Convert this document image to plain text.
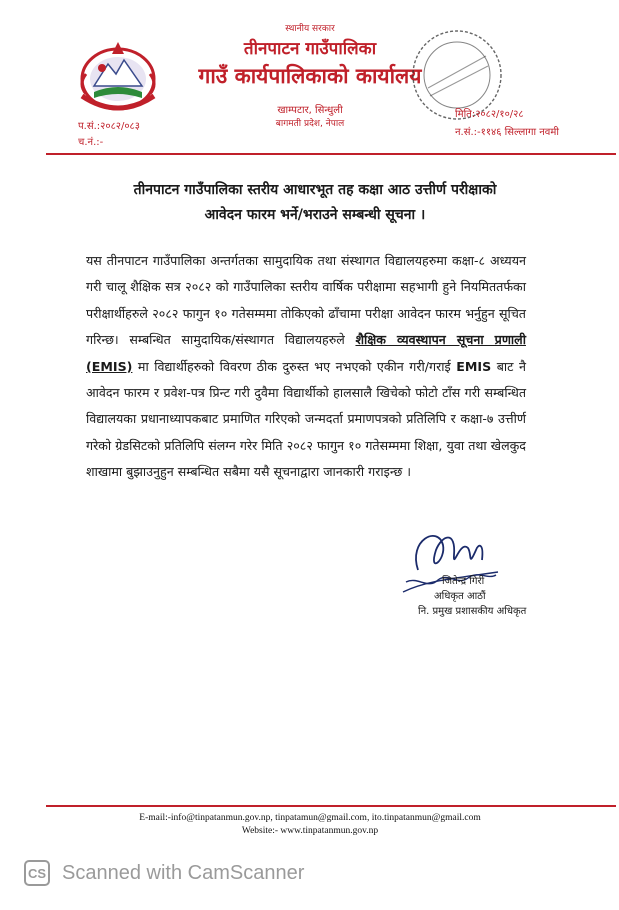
स्थानीय सरकार
तीनपाटन गाउँपालिका
गाउँ कार्यपालिकाको कार्यालय
खाम्पटार, सिन्धुली
बागमती प्रदेश, नेपाल
प.सं.:२०८२/०८३
च.नं.:-
मिति:२०८२/१०/२८
न.सं.:-११४६ सिल्लागा नवमी
तीनपाटन गाउँपालिका स्तरीय आधारभूत तह कक्षा आठ उत्तीर्ण परीक्षाको
आवेदन फारम भर्ने/भराउने सम्बन्धी सूचना ।
यस तीनपाटन गाउँपालिका अन्तर्गतका सामुदायिक तथा संस्थागत विद्यालयहरुमा कक्षा-८ अध्ययन गरी चालू शैक्षिक सत्र २०८२ को गाउँपालिका स्तरीय वार्षिक परीक्षामा सहभागी हुने नियमिततर्फका परीक्षार्थीहरुले २०८२ फागुन १० गतेसम्ममा तोकिएको ढाँचामा परीक्षा आवेदन फारम भर्नुहुन सूचित गरिन्छ। सम्बन्धित सामुदायिक/संस्थागत विद्यालयहरुले शैक्षिक व्यवस्थापन सूचना प्रणाली (EMIS) मा विद्यार्थीहरुको विवरण ठीक दुरुस्त भए नभएको एकीन गरी/गराई EMIS बाट नै आवेदन फारम र प्रवेश-पत्र प्रिन्ट गरी दुवैमा विद्यार्थीको हालसालै खिचेको फोटो टाँस गरी सम्बन्धित विद्यालयका प्रधानाध्यापकबाट प्रमाणित गरिएको जन्मदर्ता प्रमाणपत्रको प्रतिलिपि र कक्षा-७ उत्तीर्ण गरेको ग्रेडसिटको प्रतिलिपि संलग्न गरेर मिति २०८२ फागुन १० गतेसम्ममा शिक्षा, युवा तथा खेलकुद शाखामा बुझाउनुहुन सम्बन्धित सबैमा यसै सूचनाद्वारा जानकारी गराइन्छ ।
जितेन्द्र गिरी
अधिकृत आठौं
नि. प्रमुख प्रशासकीय अधिकृत
E-mail:-info@tinpatanmun.gov.np, tinpatamun@gmail.com, ito.tinpatanmun@gmail.com
Website:- www.tinpatanmun.gov.np
CS Scanned with CamScanner
